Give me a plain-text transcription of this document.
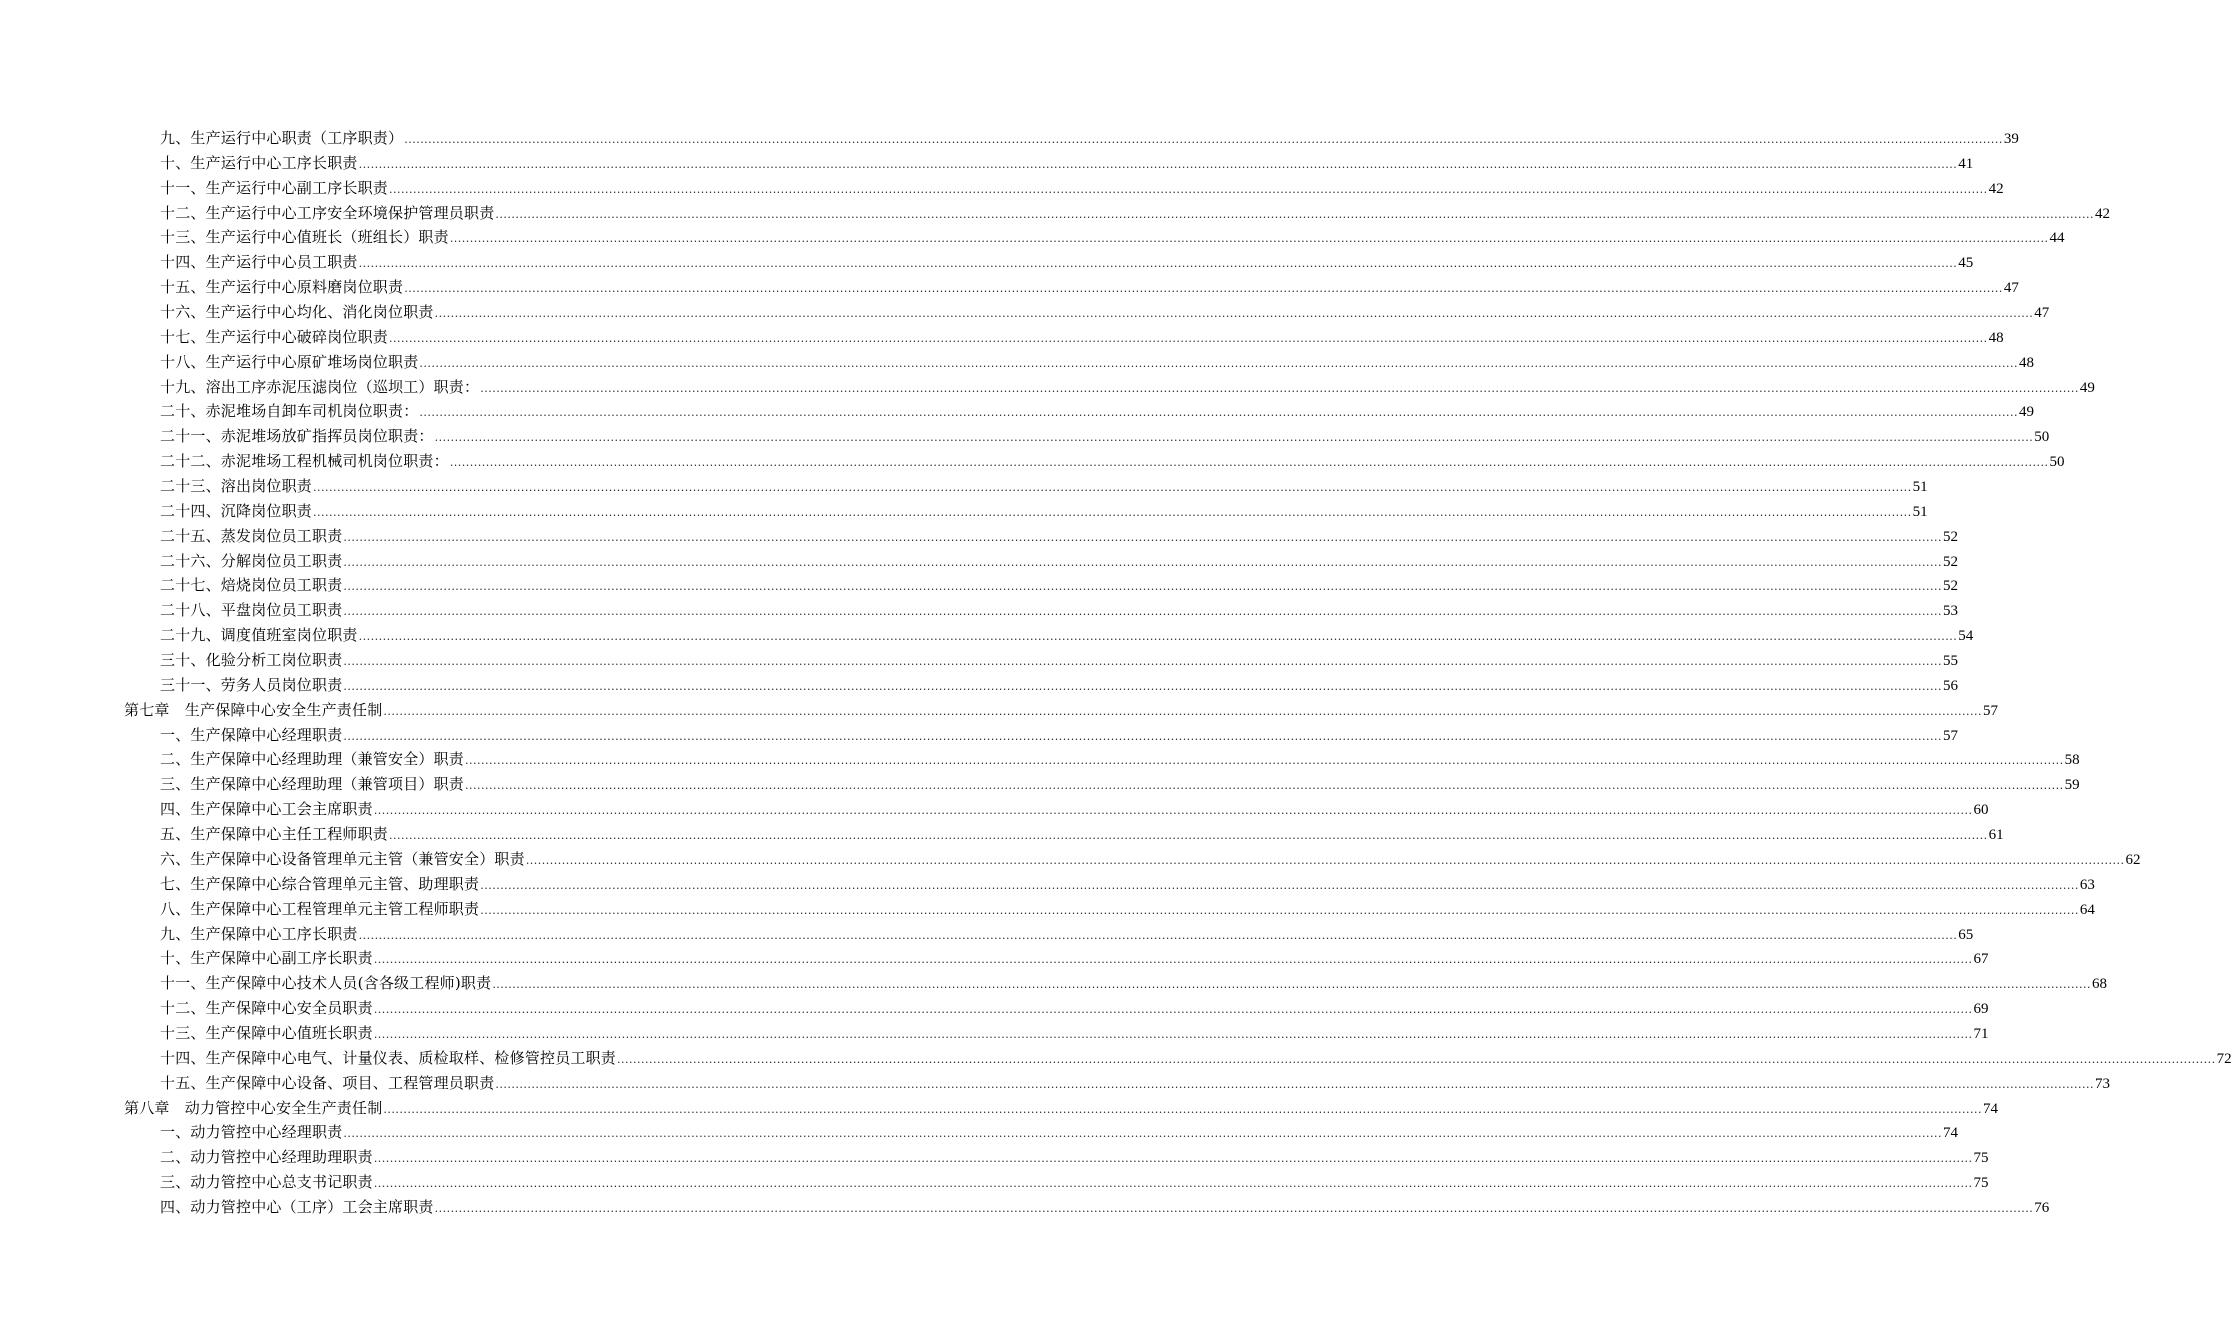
九、生产运行中心职责（工序职责） ................................................................................................................................................................................................................................................................................................................................................................................................................ 39
十、生产运行中心工序长职责 ................................................................................................................................................................................................................................................................................................................................................................................................................ 41
十一、生产运行中心副工序长职责 ................................................................................................................................................................................................................................................................................................................................................................................................................ 42
十二、生产运行中心工序安全环境保护管理员职责 ................................................................................................................................................................................................................................................................................................................................................................................................................ 42
十三、生产运行中心值班长（班组长）职责 ................................................................................................................................................................................................................................................................................................................................................................................................................ 44
十四、生产运行中心员工职责 ................................................................................................................................................................................................................................................................................................................................................................................................................ 45
十五、生产运行中心原料磨岗位职责 ................................................................................................................................................................................................................................................................................................................................................................................................................ 47
十六、生产运行中心均化、消化岗位职责 ................................................................................................................................................................................................................................................................................................................................................................................................................ 47
十七、生产运行中心破碎岗位职责 ................................................................................................................................................................................................................................................................................................................................................................................................................ 48
十八、生产运行中心原矿堆场岗位职责 ................................................................................................................................................................................................................................................................................................................................................................................................................ 48
十九、溶出工序赤泥压滤岗位（巡坝工）职责： ................................................................................................................................................................................................................................................................................................................................................................................................................ 49
二十、赤泥堆场自卸车司机岗位职责： ................................................................................................................................................................................................................................................................................................................................................................................................................ 49
二十一、赤泥堆场放矿指挥员岗位职责： ................................................................................................................................................................................................................................................................................................................................................................................................................ 50
二十二、赤泥堆场工程机械司机岗位职责： ................................................................................................................................................................................................................................................................................................................................................................................................................ 50
二十三、溶出岗位职责 ................................................................................................................................................................................................................................................................................................................................................................................................................ 51
二十四、沉降岗位职责 ................................................................................................................................................................................................................................................................................................................................................................................................................ 51
二十五、蒸发岗位员工职责 ................................................................................................................................................................................................................................................................................................................................................................................................................ 52
二十六、分解岗位员工职责 ................................................................................................................................................................................................................................................................................................................................................................................................................ 52
二十七、焙烧岗位员工职责 ................................................................................................................................................................................................................................................................................................................................................................................................................ 52
二十八、平盘岗位员工职责 ................................................................................................................................................................................................................................................................................................................................................................................................................ 53
二十九、调度值班室岗位职责 ................................................................................................................................................................................................................................................................................................................................................................................................................ 54
三十、化验分析工岗位职责 ................................................................................................................................................................................................................................................................................................................................................................................................................ 55
三十一、劳务人员岗位职责 ................................................................................................................................................................................................................................................................................................................................................................................................................ 56
第七章　生产保障中心安全生产责任制 ................................................................................................................................................................................................................................................................................................................................................................................................................ 57
一、生产保障中心经理职责 ................................................................................................................................................................................................................................................................................................................................................................................................................ 57
二、生产保障中心经理助理（兼管安全）职责 ................................................................................................................................................................................................................................................................................................................................................................................................................ 58
三、生产保障中心经理助理（兼管项目）职责 ................................................................................................................................................................................................................................................................................................................................................................................................................ 59
四、生产保障中心工会主席职责 ................................................................................................................................................................................................................................................................................................................................................................................................................ 60
五、生产保障中心主任工程师职责 ................................................................................................................................................................................................................................................................................................................................................................................................................ 61
六、生产保障中心设备管理单元主管（兼管安全）职责 ................................................................................................................................................................................................................................................................................................................................................................................................................ 62
七、生产保障中心综合管理单元主管、助理职责 ................................................................................................................................................................................................................................................................................................................................................................................................................ 63
八、生产保障中心工程管理单元主管工程师职责 ................................................................................................................................................................................................................................................................................................................................................................................................................ 64
九、生产保障中心工序长职责 ................................................................................................................................................................................................................................................................................................................................................................................................................ 65
十、生产保障中心副工序长职责 ................................................................................................................................................................................................................................................................................................................................................................................................................ 67
十一、生产保障中心技术人员(含各级工程师)职责 ................................................................................................................................................................................................................................................................................................................................................................................................................ 68
十二、生产保障中心安全员职责 ................................................................................................................................................................................................................................................................................................................................................................................................................ 69
十三、生产保障中心值班长职责 ................................................................................................................................................................................................................................................................................................................................................................................................................ 71
十四、生产保障中心电气、计量仪表、质检取样、检修管控员工职责 ................................................................................................................................................................................................................................................................................................................................................................................................................ 72
十五、生产保障中心设备、项目、工程管理员职责 ................................................................................................................................................................................................................................................................................................................................................................................................................ 73
第八章　动力管控中心安全生产责任制 ................................................................................................................................................................................................................................................................................................................................................................................................................ 74
一、动力管控中心经理职责 ................................................................................................................................................................................................................................................................................................................................................................................................................ 74
二、动力管控中心经理助理职责 ................................................................................................................................................................................................................................................................................................................................................................................................................ 75
三、动力管控中心总支书记职责 ................................................................................................................................................................................................................................................................................................................................................................................................................ 75
四、动力管控中心（工序）工会主席职责 ................................................................................................................................................................................................................................................................................................................................................................................................................ 76
